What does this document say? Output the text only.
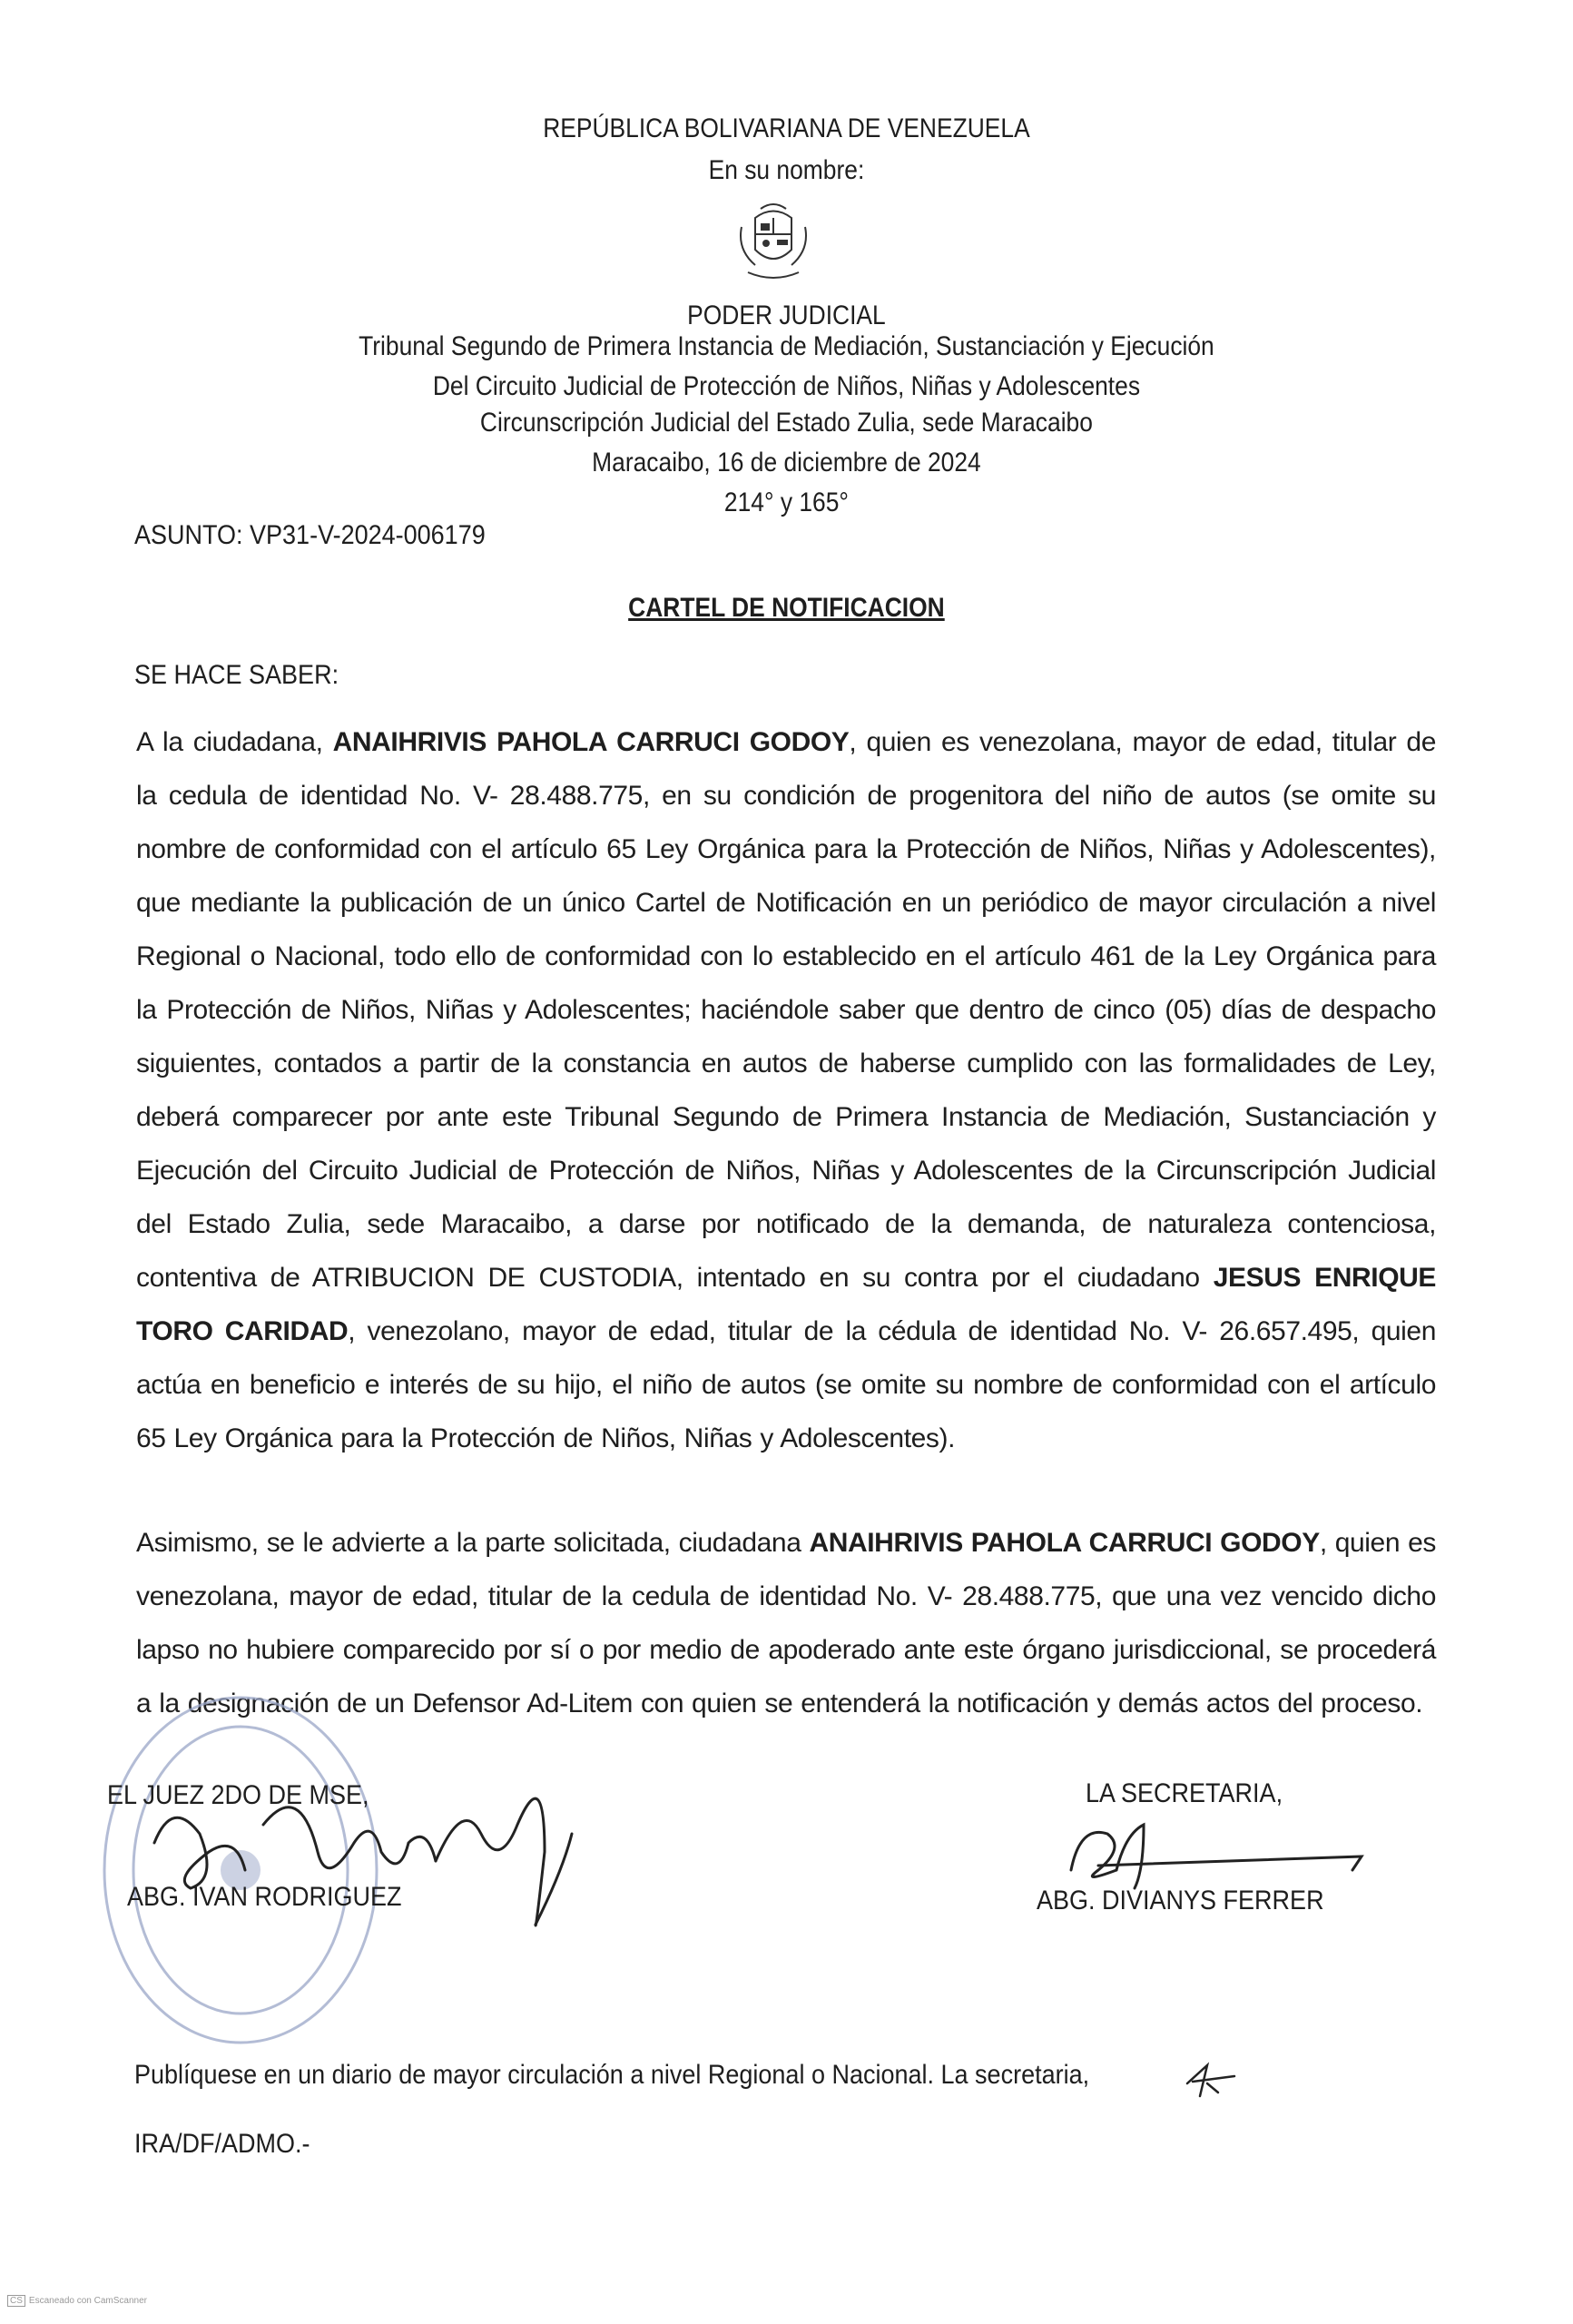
REPÚBLICA BOLIVARIANA DE VENEZUELA
En su nombre:
PODER JUDICIAL
Tribunal Segundo de Primera Instancia de Mediación, Sustanciación y Ejecución
Del Circuito Judicial de Protección de Niños, Niñas y Adolescentes
Circunscripción Judicial del Estado Zulia, sede Maracaibo
Maracaibo, 16 de diciembre de 2024
214° y 165°
ASUNTO: VP31-V-2024-006179
CARTEL DE NOTIFICACION
SE HACE SABER:
A la ciudadana, ANAIHRIVIS PAHOLA CARRUCI GODOY, quien es venezolana, mayor de edad, titular de la cedula de identidad No. V- 28.488.775, en su condición de progenitora del niño de autos (se omite su nombre de conformidad con el artículo 65 Ley Orgánica para la Protección de Niños, Niñas y Adolescentes), que mediante la publicación de un único Cartel de Notificación en un periódico de mayor circulación a nivel Regional o Nacional, todo ello de conformidad con lo establecido en el artículo 461 de la Ley Orgánica para la Protección de Niños, Niñas y Adolescentes; haciéndole saber que dentro de cinco (05) días de despacho siguientes, contados a partir de la constancia en autos de haberse cumplido con las formalidades de Ley, deberá comparecer por ante este Tribunal Segundo de Primera Instancia de Mediación, Sustanciación y Ejecución del Circuito Judicial de Protección de Niños, Niñas y Adolescentes de la Circunscripción Judicial del Estado Zulia, sede Maracaibo, a darse por notificado de la demanda, de naturaleza contenciosa, contentiva de ATRIBUCION DE CUSTODIA, intentado en su contra por el ciudadano JESUS ENRIQUE TORO CARIDAD, venezolano, mayor de edad, titular de la cédula de identidad No. V- 26.657.495, quien actúa en beneficio e interés de su hijo, el niño de autos (se omite su nombre de conformidad con el artículo 65 Ley Orgánica para la Protección de Niños, Niñas y Adolescentes).
Asimismo, se le advierte a la parte solicitada, ciudadana ANAIHRIVIS PAHOLA CARRUCI GODOY, quien es venezolana, mayor de edad, titular de la cedula de identidad No. V- 28.488.775, que una vez vencido dicho lapso no hubiere comparecido por sí o por medio de apoderado ante este órgano jurisdiccional, se procederá a la designación de un Defensor Ad-Litem con quien se entenderá la notificación y demás actos del proceso.
EL JUEZ 2DO DE MSE,
ABG. IVAN RODRIGUEZ
LA SECRETARIA,
ABG. DIVIANYS FERRER
Publíquese en un diario de mayor circulación a nivel Regional o Nacional. La secretaria,
IRA/DF/ADMO.-
CS Escaneado con CamScanner
